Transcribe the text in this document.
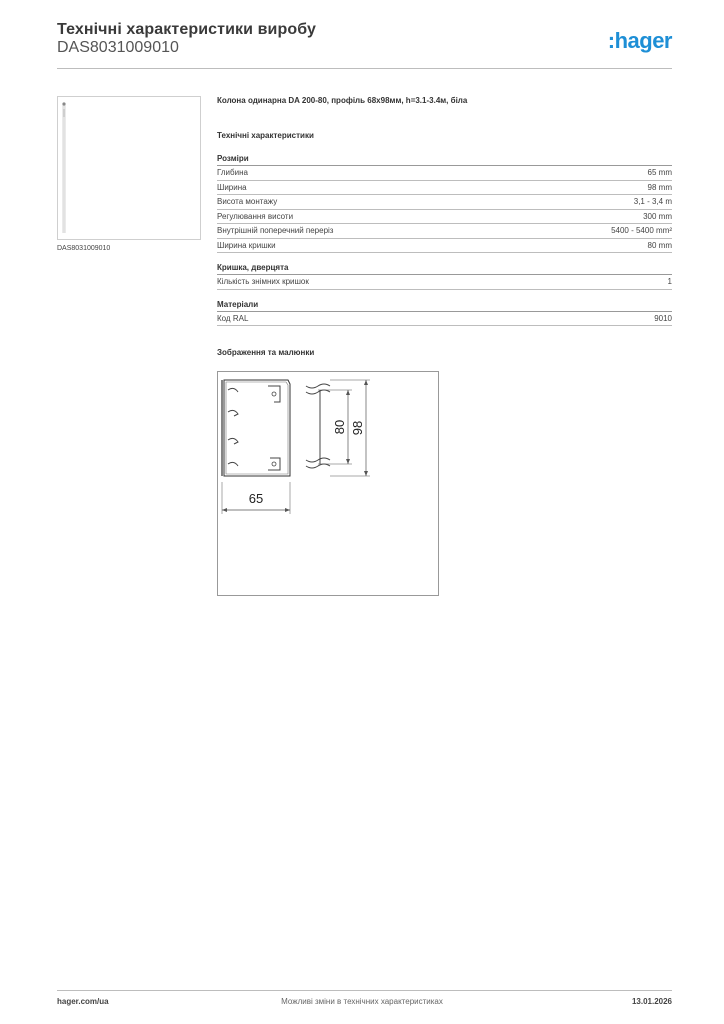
Технічні характеристики виробу
DAS8031009010	:hager
DAS8031009010
Колона одинарна DA 200-80, профіль 68x98мм, h=3.1-3.4м, біла
Технічні характеристики
Розміри
Глибина	65 mm
Ширина	98 mm
Висота монтажу	3,1 - 3,4 m
Регулювання висоти	300 mm
Внутрішній поперечний переріз	5400 - 5400 mm²
Ширина кришки	80 mm
Кришка, дверцята
Кількість знімних кришок	1
Матеріали
Код RAL	9010
Зображення та малюнки
65
80 98
hager.com/ua	Можливі зміни в технічних характеристиках	13.01.2026
